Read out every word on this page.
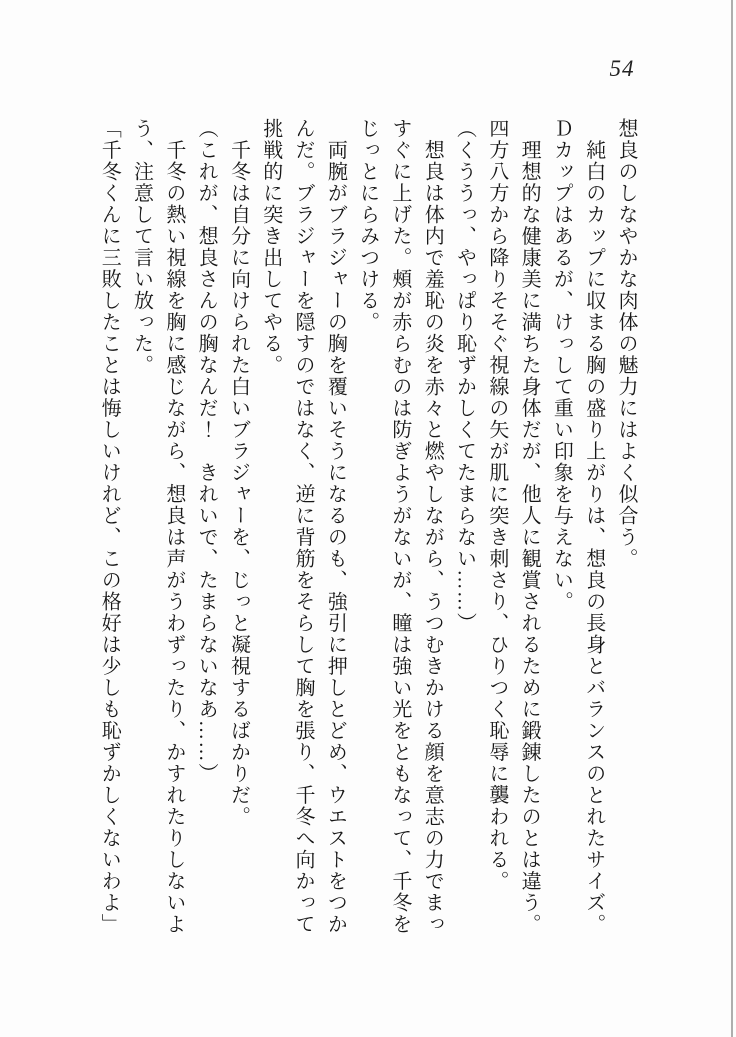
54
想良のしなやかな肉体の魅力にはよく似合う。
　純白のカップに収まる胸の盛り上がりは、想良の長身とバランスのとれたサイズ。
Ｄカップはあるが、けっして重い印象を与えない。
　理想的な健康美に満ちた身体だが、他人に観賞されるために鍛錬したのとは違う。
四方八方から降りそそぐ視線の矢が肌に突き刺さり、ひりつく恥辱に襲われる。
（くううっ、やっぱり恥ずかしくてたまらない……）
　想良は体内で羞恥の炎を赤々と燃やしながら、うつむきかける顔を意志の力でまっ
すぐに上げた。頰が赤らむのは防ぎようがないが、瞳は強い光をともなって、千冬を
じっとにらみつける。
　両腕がブラジャーの胸を覆いそうになるのも、強引に押しとどめ、ウエストをつか
んだ。ブラジャーを隠すのではなく、逆に背筋をそらして胸を張り、千冬へ向かって
挑戦的に突き出してやる。
　千冬は自分に向けられた白いブラジャーを、じっと凝視するばかりだ。
（これが、想良さんの胸なんだ！　きれいで、たまらないなあ……）
　千冬の熱い視線を胸に感じながら、想良は声がうわずったり、かすれたりしないよ
う、注意して言い放った。
「千冬くんに三敗したことは悔しいけれど、この格好は少しも恥ずかしくないわよ」
